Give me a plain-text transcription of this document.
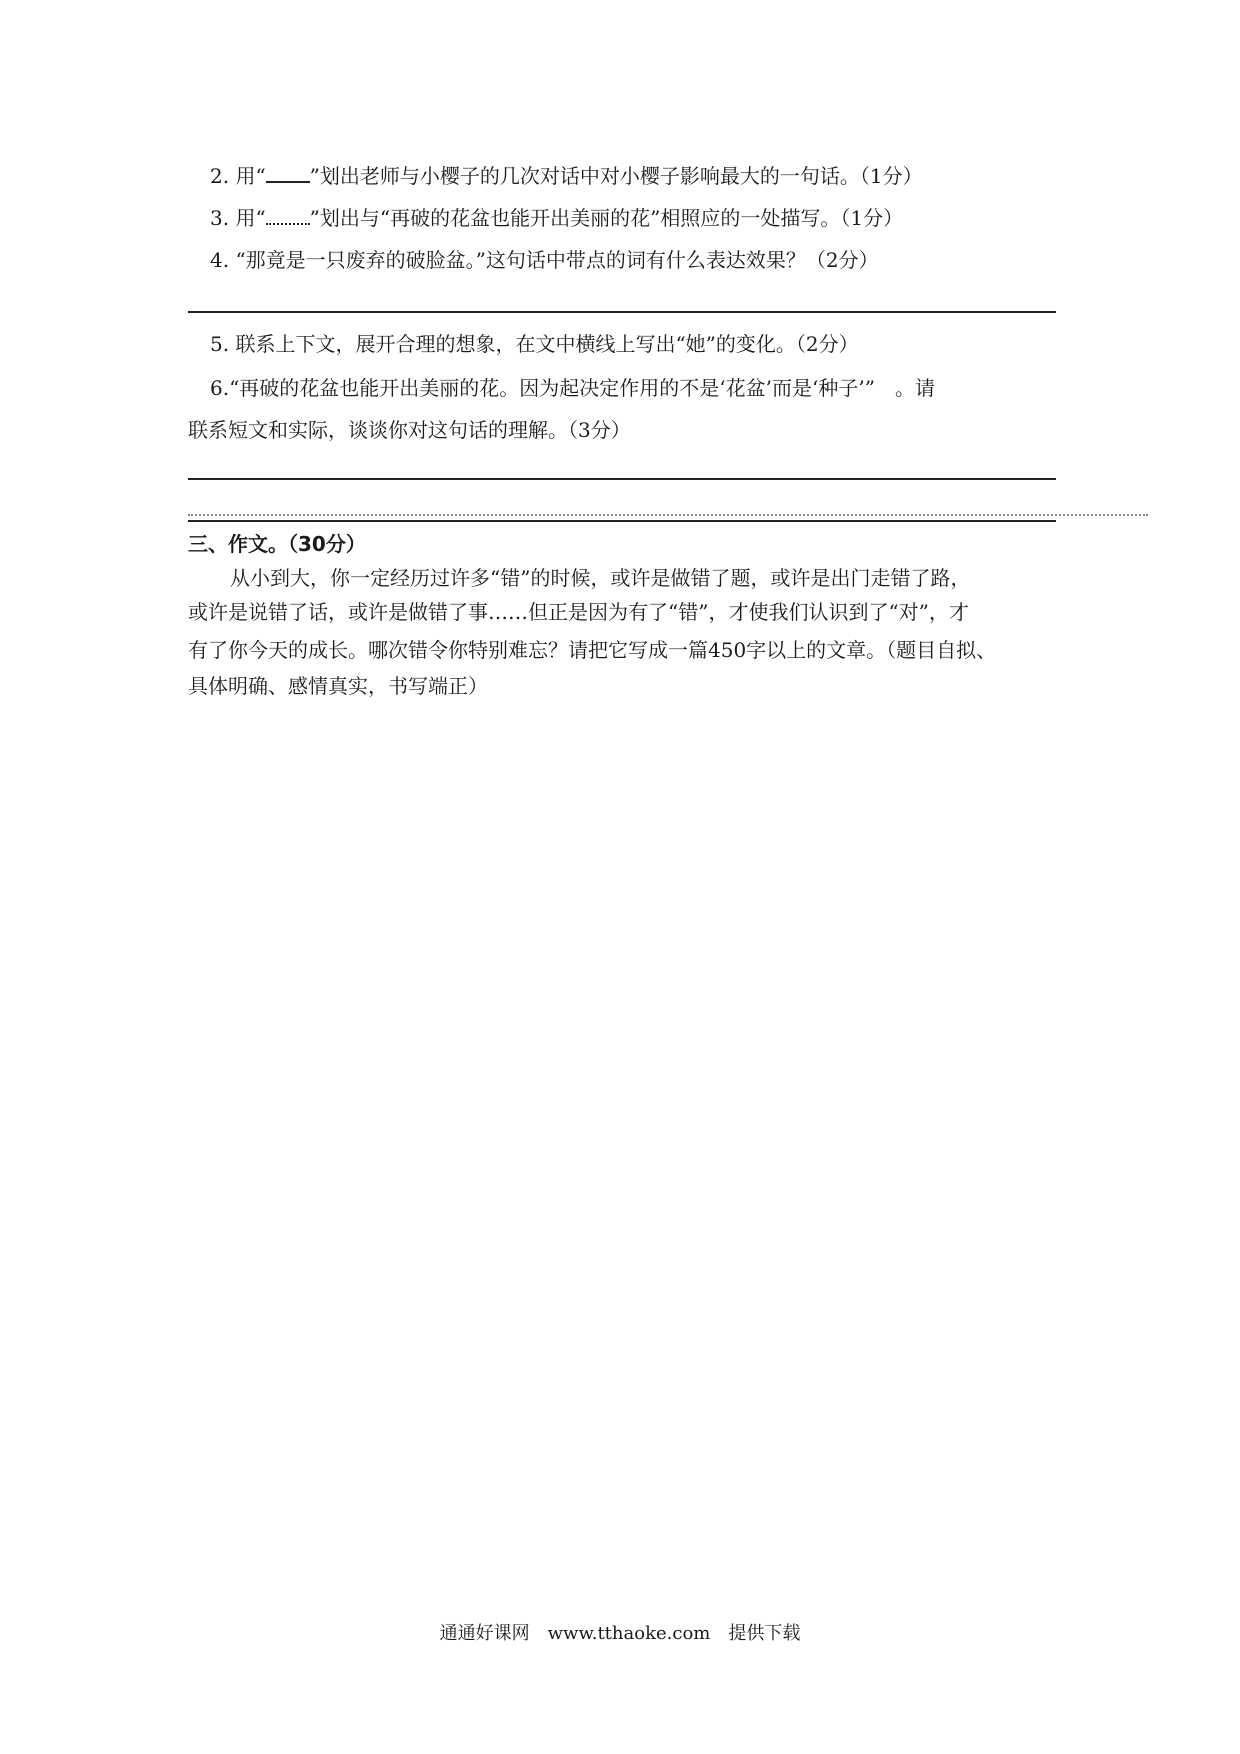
2. 用“ ”划出老师与小樱子的几次对话中对小樱子影响最大的一句话。（1分）
3. 用“ ”划出与“再破的花盆也能开出美丽的花”相照应的一处描写。（1分）
4. “那竟是一只废弃的破脸盆。”这句话中带点的词有什么表达效果？（2分）
5. 联系上下文，展开合理的想象，在文中横线上写出“她”的变化。（2分）
6.“再破的花盆也能开出美丽的花。因为起决定作用的不是‘花盆’而是‘种子’”　。请
联系短文和实际，谈谈你对这句话的理解。（3分）
三、作文。（30分）
从小到大，你一定经历过许多“错”的时候，或许是做错了题，或许是出门走错了路，
或许是说错了话，或许是做错了事……但正是因为有了“错”，才使我们认识到了“对”，才
有了你今天的成长。哪次错令你特别难忘？请把它写成一篇450字以上的文章。（题目自拟、
具体明确、感情真实，书写端正）
通通好课网　www.tthaoke.com　提供下载
